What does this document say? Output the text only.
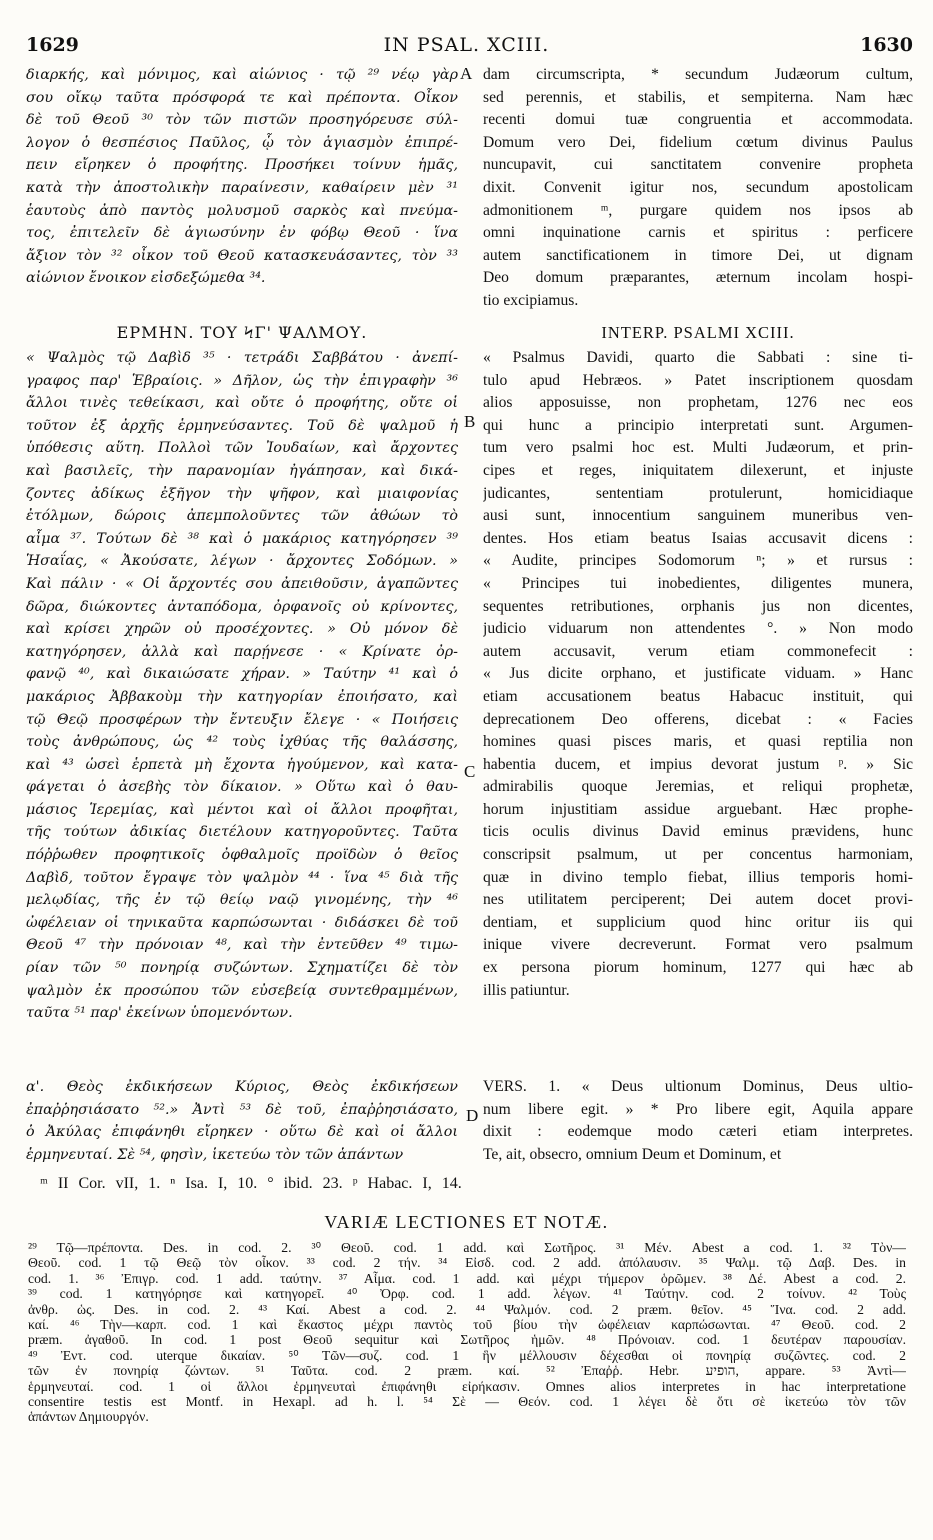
1629	IN PSAL. XCIII.	1630
διαρκής, καὶ μόνιμος, καὶ αἰώνιος · τῷ ²⁹ νέῳ γὰρ
σου οἴκῳ ταῦτα πρόσφορά τε καὶ πρέποντα. Οἶκον
δὲ τοῦ Θεοῦ ³⁰ τὸν τῶν πιστῶν προσηγόρευσε σύλ-
λογον ὁ θεσπέσιος Παῦλος, ᾧ τὸν ἁγιασμὸν ἐπιπρέ-
πειν εἴρηκεν ὁ προφήτης. Προσήκει τοίνυν ἡμᾶς,
κατὰ τὴν ἀποστολικὴν παραίνεσιν, καθαίρειν μὲν ³¹
ἑαυτοὺς ἀπὸ παντὸς μολυσμοῦ σαρκὸς καὶ πνεύμα-
τος, ἐπιτελεῖν δὲ ἁγιωσύνην ἐν φόβῳ Θεοῦ · ἵνα
ἄξιον τὸν ³² οἶκον τοῦ Θεοῦ κατασκευάσαντες, τὸν ³³
αἰώνιον ἔνοικον εἰσδεξώμεθα ³⁴.
ΕΡΜΗΝ. ΤΟΥ ϞΓ' ΨΑΛΜΟΥ.
« Ψαλμὸς τῷ Δαβὶδ ³⁵ · τετράδι Σαββάτου · ἀνεπί-
γραφος παρ' Ἑβραίοις. » Δῆλον, ὡς τὴν ἐπιγραφὴν ³⁶
ἄλλοι τινὲς τεθείκασι, καὶ οὔτε ὁ προφήτης, οὔτε οἱ
τοῦτον ἐξ ἀρχῆς ἑρμηνεύσαντες. Τοῦ δὲ ψαλμοῦ ἡ
ὑπόθεσις αὕτη. Πολλοὶ τῶν Ἰουδαίων, καὶ ἄρχοντες
καὶ βασιλεῖς, τὴν παρανομίαν ἠγάπησαν, καὶ δικά-
ζοντες ἀδίκως ἐξῆγον τὴν ψῆφον, καὶ μιαιφονίας
ἐτόλμων, δώροις ἀπεμπολοῦντες τῶν ἀθώων τὸ
αἷμα ³⁷. Τούτων δὲ ³⁸ καὶ ὁ μακάριος κατηγόρησεν ³⁹
Ἡσαΐας, « Ἀκούσατε, λέγων · ἄρχοντες Σοδόμων. »
Καὶ πάλιν · « Οἱ ἄρχοντές σου ἀπειθοῦσιν, ἀγαπῶντες
δῶρα, διώκοντες ἀνταπόδομα, ὀρφανοῖς οὐ κρίνοντες,
καὶ κρίσει χηρῶν οὐ προσέχοντες. » Οὐ μόνον δὲ
κατηγόρησεν, ἀλλὰ καὶ παρῄνεσε · « Κρίνατε ὀρ-
φανῷ ⁴⁰, καὶ δικαιώσατε χήραν. » Ταύτην ⁴¹ καὶ ὁ
μακάριος Ἀββακοὺμ τὴν κατηγορίαν ἐποιήσατο, καὶ
τῷ Θεῷ προσφέρων τὴν ἔντευξιν ἔλεγε · « Ποιήσεις
τοὺς ἀνθρώπους, ὡς ⁴² τοὺς ἰχθύας τῆς θαλάσσης,
καὶ ⁴³ ὡσεὶ ἑρπετὰ μὴ ἔχοντα ἡγούμενον, καὶ κατα-
φάγεται ὁ ἀσεβὴς τὸν δίκαιον. » Οὕτω καὶ ὁ θαυ-
μάσιος Ἱερεμίας, καὶ μέντοι καὶ οἱ ἄλλοι προφῆται,
τῆς τούτων ἀδικίας διετέλουν κατηγοροῦντες. Ταῦτα
πόῤῥωθεν προφητικοῖς ὀφθαλμοῖς προϊδὼν ὁ θεῖος
Δαβὶδ, τοῦτον ἔγραψε τὸν ψαλμὸν ⁴⁴ · ἵνα ⁴⁵ διὰ τῆς
μελῳδίας, τῆς ἐν τῷ θείῳ ναῷ γινομένης, τὴν ⁴⁶
ὠφέλειαν οἱ τηνικαῦτα καρπώσωνται · διδάσκει δὲ τοῦ
Θεοῦ ⁴⁷ τὴν πρόνοιαν ⁴⁸, καὶ τὴν ἐντεῦθεν ⁴⁹ τιμω-
ρίαν τῶν ⁵⁰ πονηρίᾳ συζώντων. Σχηματίζει δὲ τὸν
ψαλμὸν ἐκ προσώπου τῶν εὐσεβείᾳ συντεθραμμένων,
ταῦτα ⁵¹ παρ' ἐκείνων ὑπομενόντων.
α'. Θεὸς ἐκδικήσεων Κύριος, Θεὸς ἐκδικήσεων
ἐπαῤῥησιάσατο ⁵².» Ἀντὶ ⁵³ δὲ τοῦ, ἐπαῤῥησιάσατο,
ὁ Ἀκύλας ἐπιφάνηθι εἴρηκεν · οὕτω δὲ καὶ οἱ ἄλλοι
ἑρμηνευταί. Σὲ ⁵⁴, φησὶν, ἱκετεύω τὸν τῶν ἁπάντων
dam circumscripta, * secundum Judæorum cultum,
sed perennis, et stabilis, et sempiterna. Nam hæc
recenti domui tuæ congruentia et accommodata.
Domum vero Dei, fidelium cœtum divinus Paulus
nuncupavit, cui sanctitatem convenire propheta
dixit. Convenit igitur nos, secundum apostolicam
admonitionem ᵐ, purgare quidem nos ipsos ab
omni inquinatione carnis et spiritus : perficere
autem sanctificationem in timore Dei, ut dignam
Deo domum præparantes, æternum incolam hospi-
tio excipiamus.
INTERP. PSALMI XCIII.
« Psalmus Davidi, quarto die Sabbati : sine ti-
tulo apud Hebræos. » Patet inscriptionem quosdam
alios apposuisse, non prophetam, 1276 nec eos
qui hunc a principio interpretati sunt. Argumen-
tum vero psalmi hoc est. Multi Judæorum, et prin-
cipes et reges, iniquitatem dilexerunt, et injuste
judicantes, sententiam protulerunt, homicidiaque
ausi sunt, innocentium sanguinem muneribus ven-
dentes. Hos etiam beatus Isaias accusavit dicens :
« Audite, principes Sodomorum ⁿ; » et rursus :
« Principes tui inobedientes, diligentes munera,
sequentes retributiones, orphanis jus non dicentes,
judicio viduarum non attendentes °. » Non modo
autem accusavit, verum etiam commonefecit :
« Jus dicite orphano, et justificate viduam. » Hanc
etiam accusationem beatus Habacuc instituit, qui
deprecationem Deo offerens, dicebat : « Facies
homines quasi pisces maris, et quasi reptilia non
habentia ducem, et impius devorat justum ᵖ. » Sic
admirabilis quoque Jeremias, et reliqui prophetæ,
horum injustitiam assidue arguebant. Hæc prophe-
ticis oculis divinus David eminus prævidens, hunc
conscripsit psalmum, ut per concentus harmoniam,
quæ in divino templo fiebat, illius temporis homi-
nes utilitatem perciperent; Dei autem docet provi-
dentiam, et supplicium quod hinc oritur iis qui
inique vivere decreverunt. Format vero psalmum
ex persona piorum hominum, 1277 qui hæc ab
illis patiuntur.
VERS. 1. « Deus ultionum Dominus, Deus ultio-
num libere egit. » * Pro libere egit, Aquila appare
dixit : eodemque modo cæteri etiam interpretes.
Te, ait, obsecro, omnium Deum et Dominum, et
A
B
C
D
ᵐ II Cor. vII, 1. ⁿ Isa. I, 10. ° ibid. 23. ᵖ Habac. I, 14.
VARIÆ LECTIONES ET NOTÆ.
²⁹ Τῷ—πρέποντα. Des. in cod. 2. ³⁰ Θεοῦ. cod. 1 add. καὶ Σωτῆρος. ³¹ Μέν. Abest a cod. 1. ³² Τὸν—
Θεοῦ. cod. 1 τῷ Θεῷ τὸν οἶκον. ³³ cod. 2 τήν. ³⁴ Εἰσδ. cod. 2 add. ἀπόλαυσιν. ³⁵ Ψαλμ. τῷ Δαβ. Des. in
cod. 1. ³⁶ Ἐπιγρ. cod. 1 add. ταύτην. ³⁷ Αἷμα. cod. 1 add. καὶ μέχρι τήμερον ὁρῶμεν. ³⁸ Δέ. Abest a cod. 2.
³⁹ cod. 1 κατηγόρησε καὶ κατηγορεῖ. ⁴⁰ Ὀρφ. cod. 1 add. λέγων. ⁴¹ Ταύτην. cod. 2 τοίνυν. ⁴² Τοὺς
ἀνθρ. ὡς. Des. in cod. 2. ⁴³ Καί. Abest a cod. 2. ⁴⁴ Ψαλμόν. cod. 2 præm. θεῖον. ⁴⁵ Ἵνα. cod. 2 add.
καί. ⁴⁶ Τὴν—καρπ. cod. 1 καὶ ἕκαστος μέχρι παντὸς τοῦ βίου τὴν ὠφέλειαν καρπώσωνται. ⁴⁷ Θεοῦ. cod. 2
præm. ἀγαθοῦ. In cod. 1 post Θεοῦ sequitur καὶ Σωτῆρος ἡμῶν. ⁴⁸ Πρόνοιαν. cod. 1 δευτέραν παρουσίαν.
⁴⁹ Ἐντ. cod. uterque δικαίαν. ⁵⁰ Τῶν—συζ. cod. 1 ἣν μέλλουσιν δέχεσθαι οἱ πονηρίᾳ συζῶντες. cod. 2
τῶν ἐν πονηρίᾳ ζώντων. ⁵¹ Ταῦτα. cod. 2 præm. καί. ⁵² Ἐπαῤῥ. Hebr. הופיע, appare. ⁵³ Ἀντὶ—
ἑρμηνευταί. cod. 1 οἱ ἄλλοι ἑρμηνευταὶ ἐπιφάνηθι εἰρήκασιν. Omnes alios interpretes in hac interpretatione
consentire testis est Montf. in Hexapl. ad h. l. ⁵⁴ Σὲ — Θεόν. cod. 1 λέγει δὲ ὅτι σὲ ἱκετεύω τὸν τῶν
ἁπάντων Δημιουργόν.
